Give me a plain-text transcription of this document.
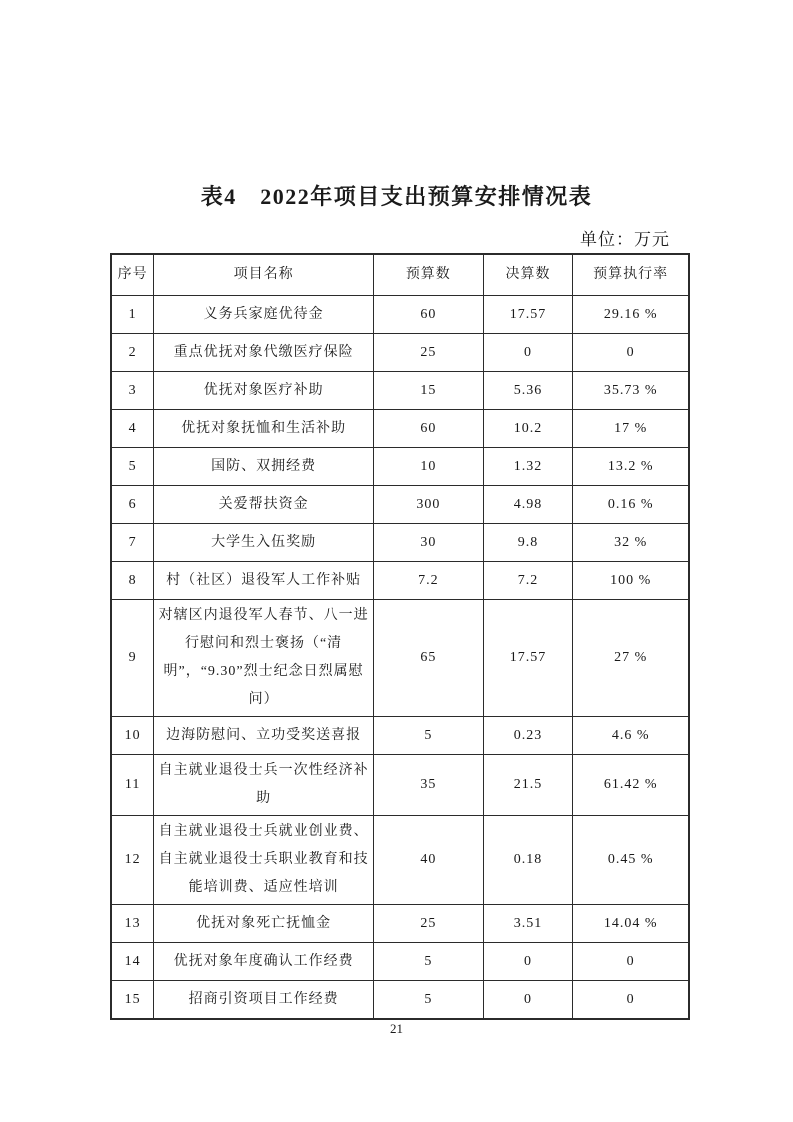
表4　2022年项目支出预算安排情况表
单位：万元
序号	项目名称	预算数	决算数	预算执行率
1	义务兵家庭优待金	60	17.57	29.16 %
2	重点优抚对象代缴医疗保险	25	0	0
3	优抚对象医疗补助	15	5.36	35.73 %
4	优抚对象抚恤和生活补助	60	10.2	17 %
5	国防、双拥经费	10	1.32	13.2 %
6	关爱帮扶资金	300	4.98	0.16 %
7	大学生入伍奖励	30	9.8	32 %
8	村（社区）退役军人工作补贴	7.2	7.2	100 %
9	对辖区内退役军人春节、八一进行慰问和烈士褒扬（“清明”，“9.30”烈士纪念日烈属慰问）	65	17.57	27 %
10	边海防慰问、立功受奖送喜报	5	0.23	4.6 %
11	自主就业退役士兵一次性经济补助	35	21.5	61.42 %
12	自主就业退役士兵就业创业费、自主就业退役士兵职业教育和技能培训费、适应性培训	40	0.18	0.45 %
13	优抚对象死亡抚恤金	25	3.51	14.04 %
14	优抚对象年度确认工作经费	5	0	0
15	招商引资项目工作经费	5	0	0
21
